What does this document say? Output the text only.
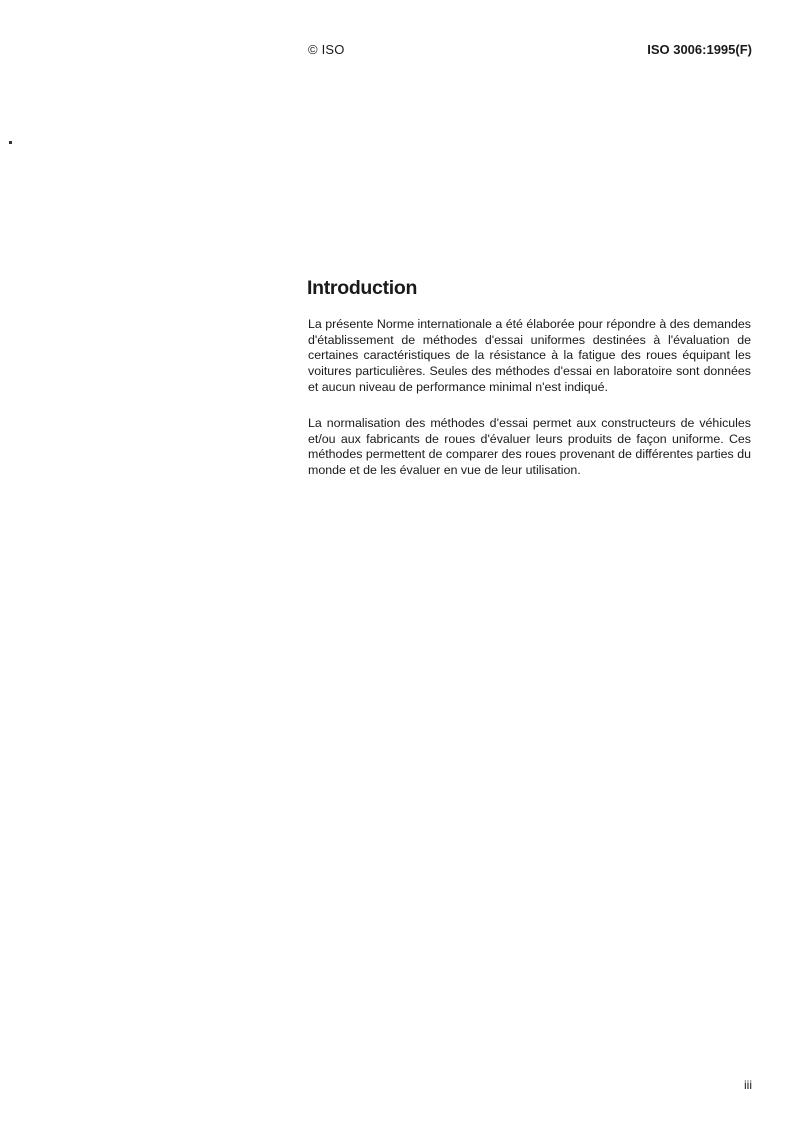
© ISO	ISO 3006:1995(F)
Introduction

La présente Norme internationale a été élaborée pour répondre à des demandes d'établissement de méthodes d'essai uniformes destinées à l'évaluation de certaines caractéristiques de la résistance à la fatigue des roues équipant les voitures particulières. Seules des méthodes d'essai en laboratoire sont données et aucun niveau de performance minimal n'est indiqué.

La normalisation des méthodes d'essai permet aux constructeurs de véhicules et/ou aux fabricants de roues d'évaluer leurs produits de façon uniforme. Ces méthodes permettent de comparer des roues provenant de différentes parties du monde et de les évaluer en vue de leur utilisation.

iii
